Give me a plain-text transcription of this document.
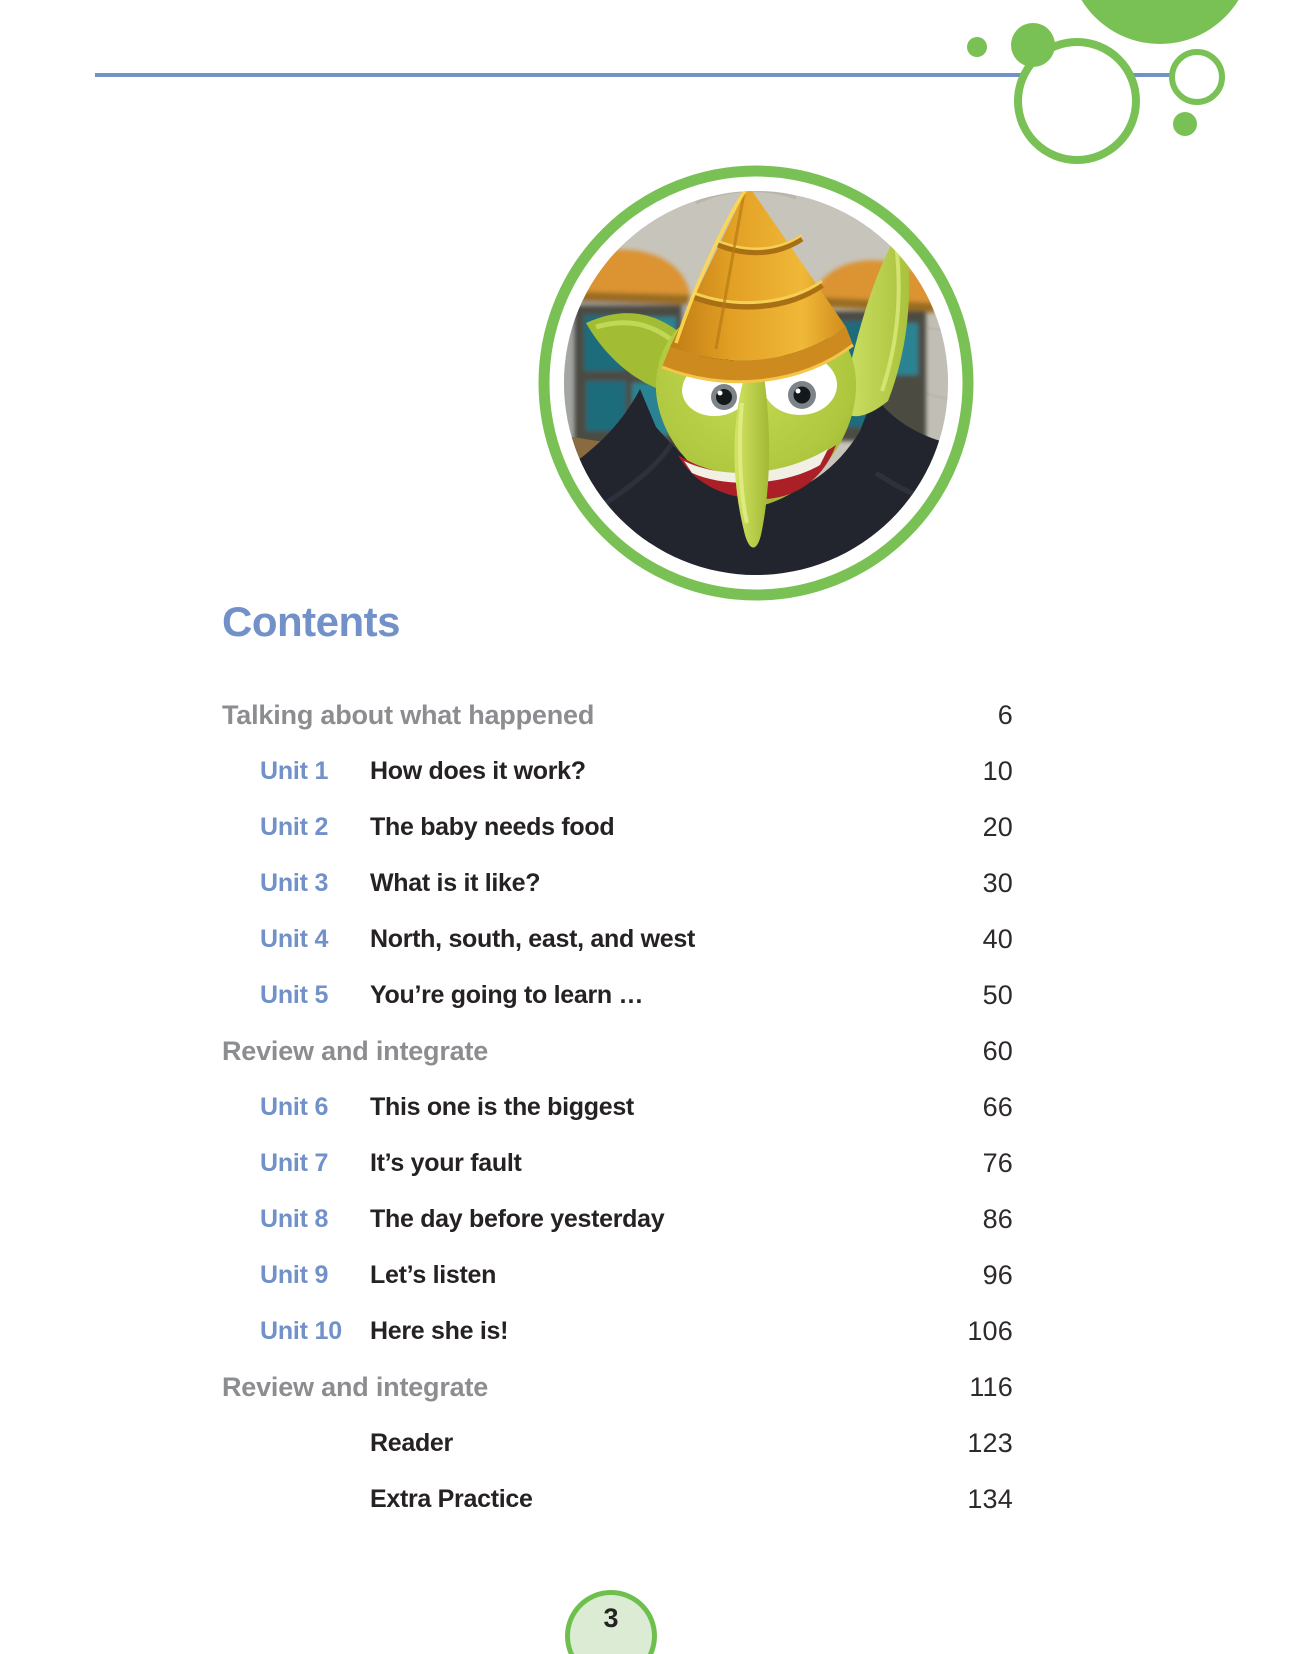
Contents
Talking about what happened	6
Unit 1 How does it work?	10
Unit 2 The baby needs food	20
Unit 3 What is it like?	30
Unit 4 North, south, east, and west	40
Unit 5 You’re going to learn …	50
Review and integrate	60
Unit 6 This one is the biggest	66
Unit 7 It’s your fault	76
Unit 8 The day before yesterday	86
Unit 9 Let’s listen	96
Unit 10 Here she is!	106
Review and integrate	116
Reader	123
Extra Practice	134
3
